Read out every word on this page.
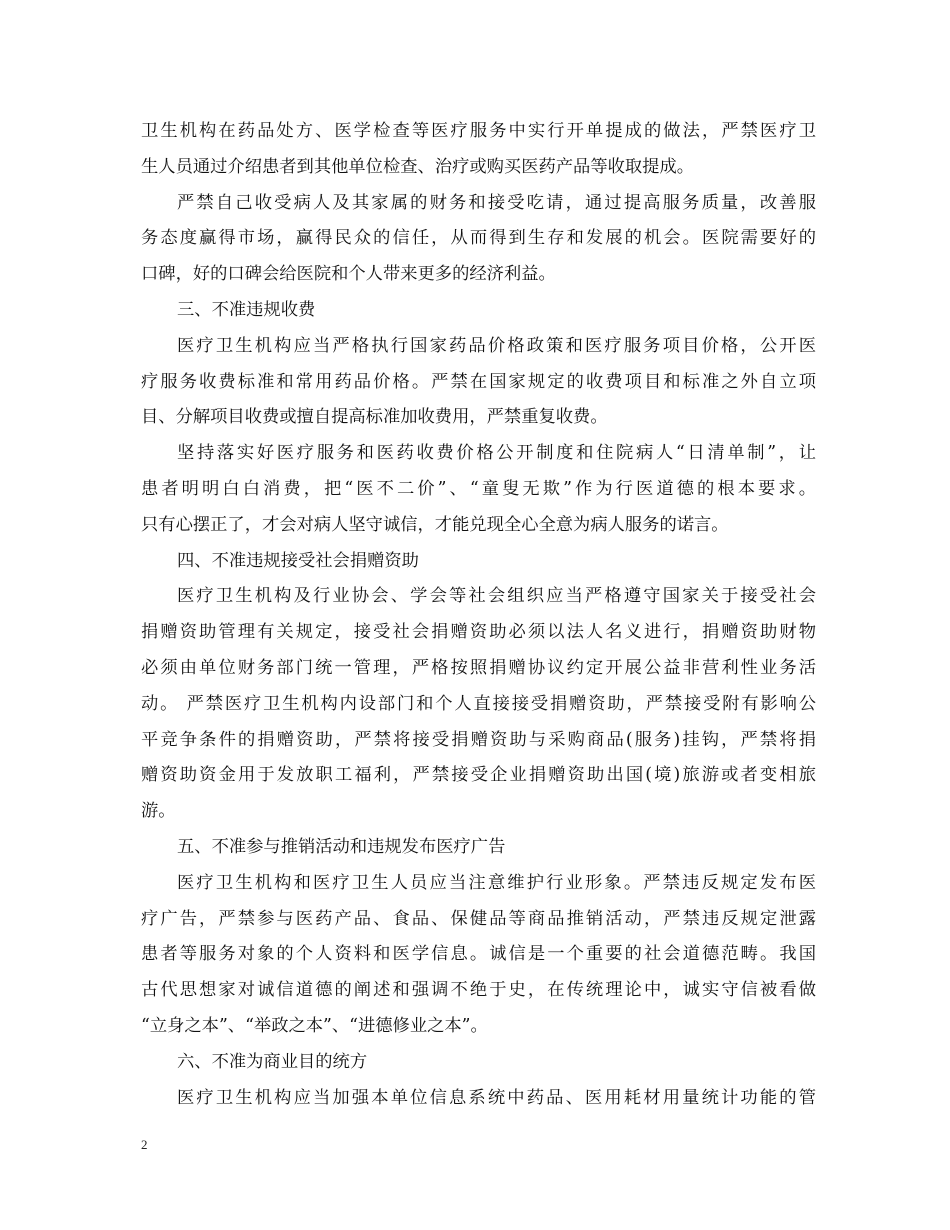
卫生机构在药品处方、医学检查等医疗服务中实行开单提成的做法，严禁医疗卫
生人员通过介绍患者到其他单位检查、治疗或购买医药产品等收取提成。
严禁自己收受病人及其家属的财务和接受吃请，通过提高服务质量，改善服
务态度赢得市场，赢得民众的信任，从而得到生存和发展的机会。医院需要好的
口碑，好的口碑会给医院和个人带来更多的经济利益。
三、不准违规收费
医疗卫生机构应当严格执行国家药品价格政策和医疗服务项目价格，公开医
疗服务收费标准和常用药品价格。严禁在国家规定的收费项目和标准之外自立项
目、分解项目收费或擅自提高标准加收费用，严禁重复收费。
坚持落实好医疗服务和医药收费价格公开制度和住院病人“日清单制”，让
患者明明白白消费，把“医不二价”、“童叟无欺”作为行医道德的根本要求。
只有心摆正了，才会对病人坚守诚信，才能兑现全心全意为病人服务的诺言。
四、不准违规接受社会捐赠资助
医疗卫生机构及行业协会、学会等社会组织应当严格遵守国家关于接受社会
捐赠资助管理有关规定，接受社会捐赠资助必须以法人名义进行，捐赠资助财物
必须由单位财务部门统一管理，严格按照捐赠协议约定开展公益非营利性业务活
动。 严禁医疗卫生机构内设部门和个人直接接受捐赠资助，严禁接受附有影响公
平竞争条件的捐赠资助，严禁将接受捐赠资助与采购商品(服务)挂钩，严禁将捐
赠资助资金用于发放职工福利，严禁接受企业捐赠资助出国(境)旅游或者变相旅
游。
五、不准参与推销活动和违规发布医疗广告
医疗卫生机构和医疗卫生人员应当注意维护行业形象。严禁违反规定发布医
疗广告，严禁参与医药产品、食品、保健品等商品推销活动，严禁违反规定泄露
患者等服务对象的个人资料和医学信息。诚信是一个重要的社会道德范畴。我国
古代思想家对诚信道德的阐述和强调不绝于史，在传统理论中，诚实守信被看做
“立身之本”、“举政之本”、“进德修业之本”。
六、不准为商业目的统方
医疗卫生机构应当加强本单位信息系统中药品、医用耗材用量统计功能的管
2
